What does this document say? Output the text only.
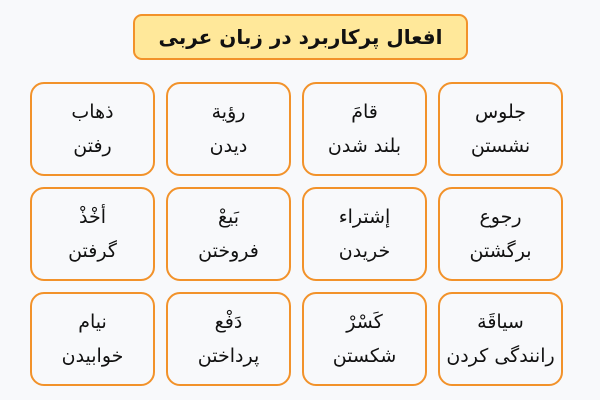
افعال پرکاربرد در زبان عربی
جلوس
نشستن
قامَ
بلند شدن
رؤية
دیدن
ذهاب
رفتن
رجوع
برگشتن
إشتراء
خریدن
بَیعْ
فروختن
أخْذْ
گرفتن
سیاقَة
رانندگی کردن
کَسْرْ
شکستن
دَفْع
پرداختن
نیام
خوابیدن
